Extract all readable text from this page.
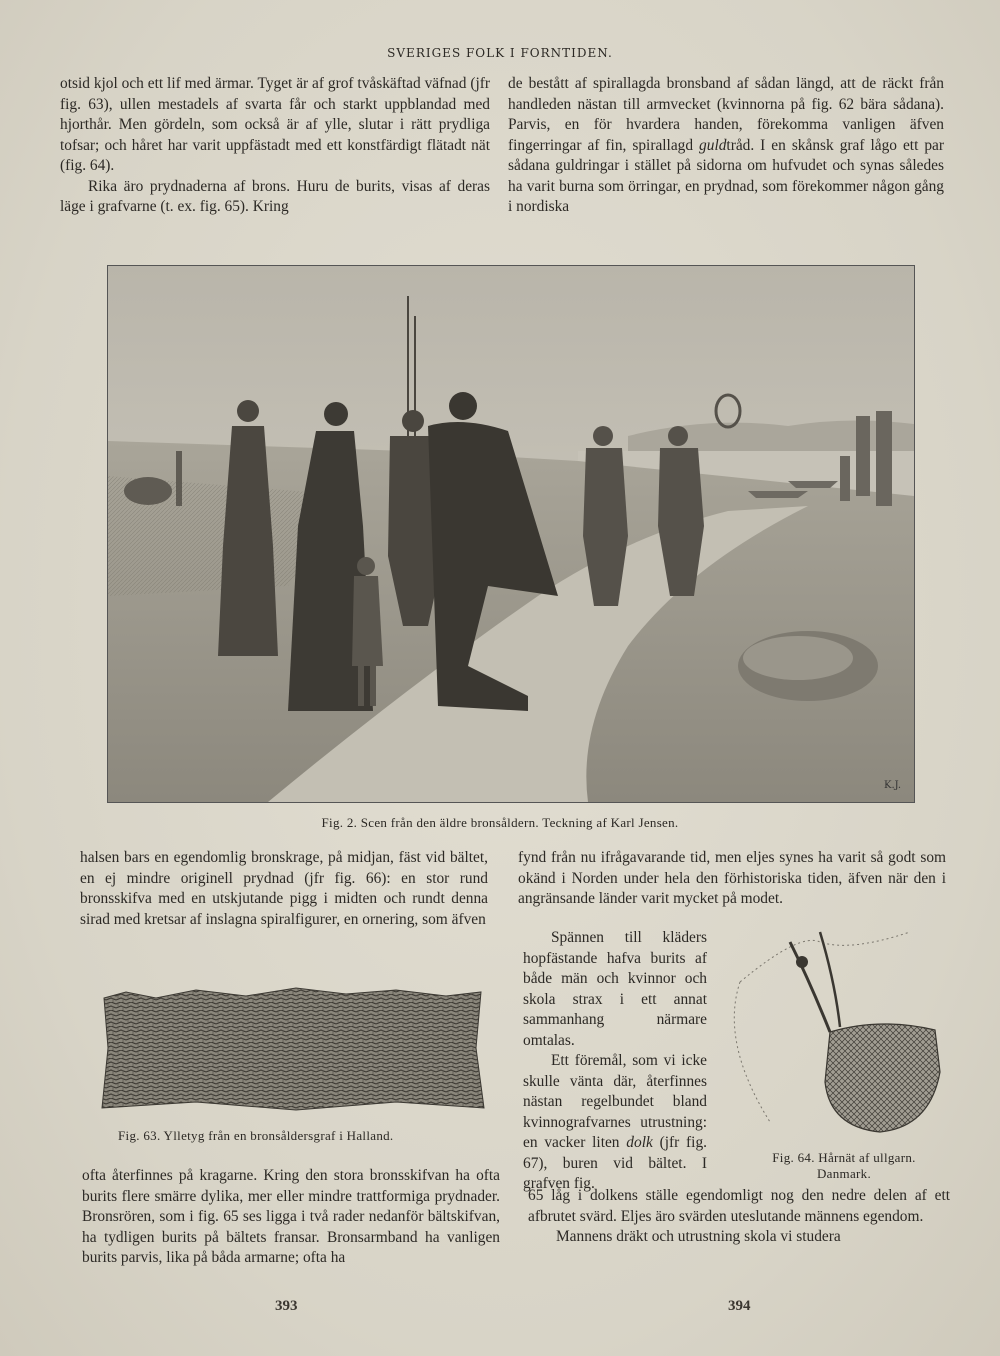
SVERIGES FOLK I FORNTIDEN.

otsid kjol och ett lif med ärmar. Tyget är af grof tvåskäftad väfnad (jfr fig. 63), ullen mestadels af svarta får och starkt uppblandad med hjorthår. Men gördeln, som också är af ylle, slutar i rätt prydliga tofsar; och håret har varit uppfästadt med ett konstfärdigt flätadt nät (fig. 64).

Rika äro prydnaderna af brons. Huru de burits, visas af deras läge i grafvarne (t. ex. fig. 65). Kring

de bestått af spirallagda bronsband af sådan längd, att de räckt från handleden nästan till armvecket (kvinnorna på fig. 62 bära sådana). Parvis, en för hvardera handen, förekomma vanligen äfven fingerringar af fin, spirallagd guldtråd. I en skånsk graf lågo ett par sådana guldringar i stället på sidorna om hufvudet och synas således ha varit burna som örringar, en prydnad, som förekommer någon gång i nordiska

K.J.
Fig. 2. Scen från den äldre bronsåldern. Teckning af Karl Jensen.

halsen bars en egendomlig bronskrage, på midjan, fäst vid bältet, en ej mindre originell prydnad (jfr fig. 66): en stor rund bronsskifva med en utskjutande pigg i midten och rundt denna sirad med kretsar af inslagna spiralfigurer, en ornering, som äfven

Fig. 63. Ylletyg från en bronsåldersgraf i Halland.

fynd från nu ifrågavarande tid, men eljes synes ha varit så godt som okänd i Norden under hela den förhistoriska tiden, äfven när den i angränsande länder varit mycket på modet.

Spännen till kläders hopfästande hafva burits af både män och kvinnor och skola strax i ett annat sammanhang närmare omtalas.

Ett föremål, som vi icke skulle vänta där, återfinnes nästan regelbundet bland kvinnografvarnes utrustning: en vacker liten dolk (jfr fig. 67), buren vid bältet. I grafven fig.

Fig. 64. Hårnät af ullgarn.
Danmark.

ofta återfinnes på kragarne. Kring den stora bronsskifvan ha ofta burits flere smärre dylika, mer eller mindre trattformiga prydnader. Bronsrören, som i fig. 65 ses ligga i två rader nedanför bältskifvan, ha tydligen burits på bältets fransar. Bronsarmband ha vanligen burits parvis, lika på båda armarne; ofta ha

65 låg i dolkens ställe egendomligt nog den nedre delen af ett afbrutet svärd. Eljes äro svärden uteslutande männens egendom.

Mannens dräkt och utrustning skola vi studera

393	394
